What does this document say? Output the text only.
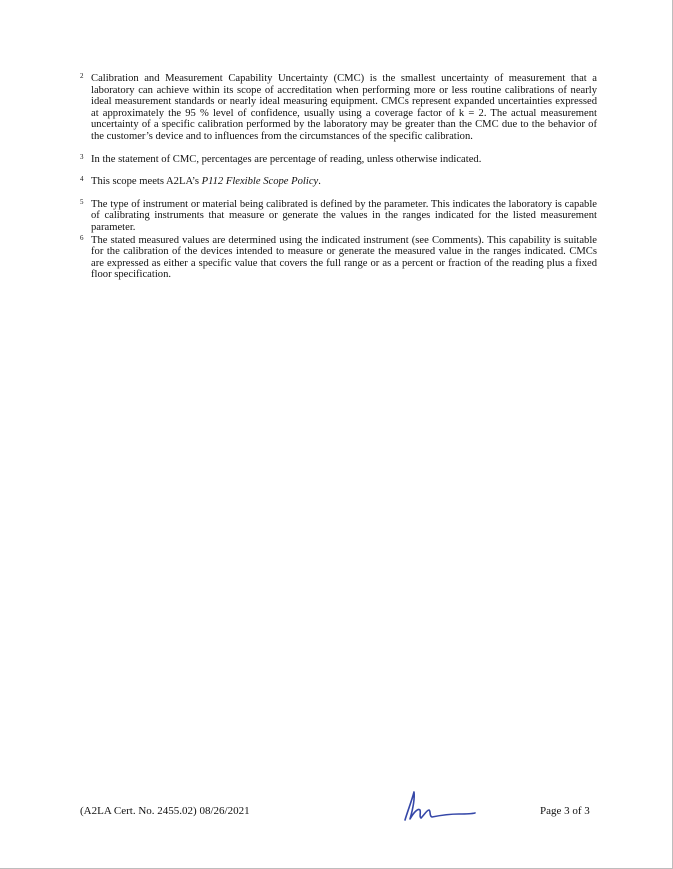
2 Calibration and Measurement Capability Uncertainty (CMC) is the smallest uncertainty of measurement that a laboratory can achieve within its scope of accreditation when performing more or less routine calibrations of nearly ideal measurement standards or nearly ideal measuring equipment. CMCs represent expanded uncertainties expressed at approximately the 95 % level of confidence, usually using a coverage factor of k = 2. The actual measurement uncertainty of a specific calibration performed by the laboratory may be greater than the CMC due to the behavior of the customer’s device and to influences from the circumstances of the specific calibration.
3 In the statement of CMC, percentages are percentage of reading, unless otherwise indicated.
4 This scope meets A2LA’s P112 Flexible Scope Policy.
5 The type of instrument or material being calibrated is defined by the parameter. This indicates the laboratory is capable of calibrating instruments that measure or generate the values in the ranges indicated for the listed measurement parameter.
6 The stated measured values are determined using the indicated instrument (see Comments). This capability is suitable for the calibration of the devices intended to measure or generate the measured value in the ranges indicated. CMCs are expressed as either a specific value that covers the full range or as a percent or fraction of the reading plus a fixed floor specification.
(A2LA Cert. No. 2455.02) 08/26/2021	Page 3 of 3
